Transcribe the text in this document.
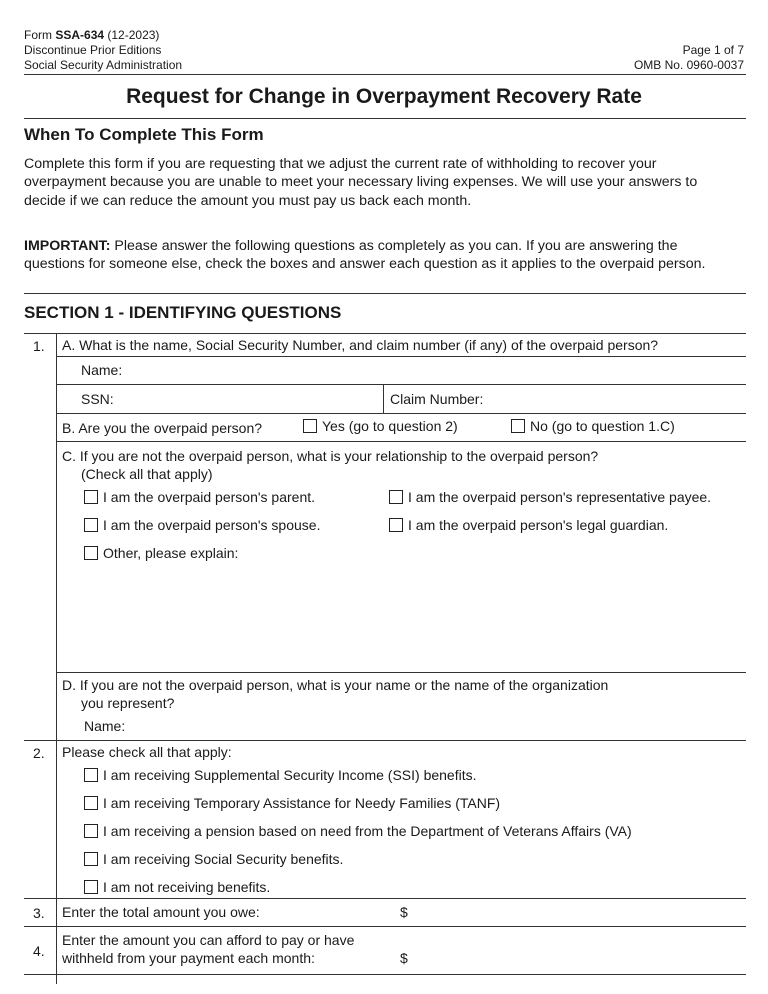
Form SSA-634 (12-2023)
Discontinue Prior Editions
Social Security Administration
Page 1 of 7
OMB No. 0960-0037
Request for Change in Overpayment Recovery Rate
When To Complete This Form
Complete this form if you are requesting that we adjust the current rate of withholding to recover your
overpayment because you are unable to meet your necessary living expenses. We will use your answers to
decide if we can reduce the amount you must pay us back each month.
IMPORTANT: Please answer the following questions as completely as you can. If you are answering the
questions for someone else, check the boxes and answer each question as it applies to the overpaid person.
SECTION 1 - IDENTIFYING QUESTIONS
1. A. What is the name, Social Security Number, and claim number (if any) of the overpaid person?
Name:
SSN:	Claim Number:
B. Are you the overpaid person?	Yes (go to question 2)	No (go to question 1.C)
C. If you are not the overpaid person, what is your relationship to the overpaid person?
(Check all that apply)
I am the overpaid person's parent.	I am the overpaid person's representative payee.
I am the overpaid person's spouse.	I am the overpaid person's legal guardian.
Other, please explain:
D. If you are not the overpaid person, what is your name or the name of the organization
you represent?
Name:
2. Please check all that apply:
I am receiving Supplemental Security Income (SSI) benefits.
I am receiving Temporary Assistance for Needy Families (TANF)
I am receiving a pension based on need from the Department of Veterans Affairs (VA)
I am receiving Social Security benefits.
I am not receiving benefits.
3. Enter the total amount you owe:	$
4.
Enter the amount you can afford to pay or have
withheld from your payment each month:	$
